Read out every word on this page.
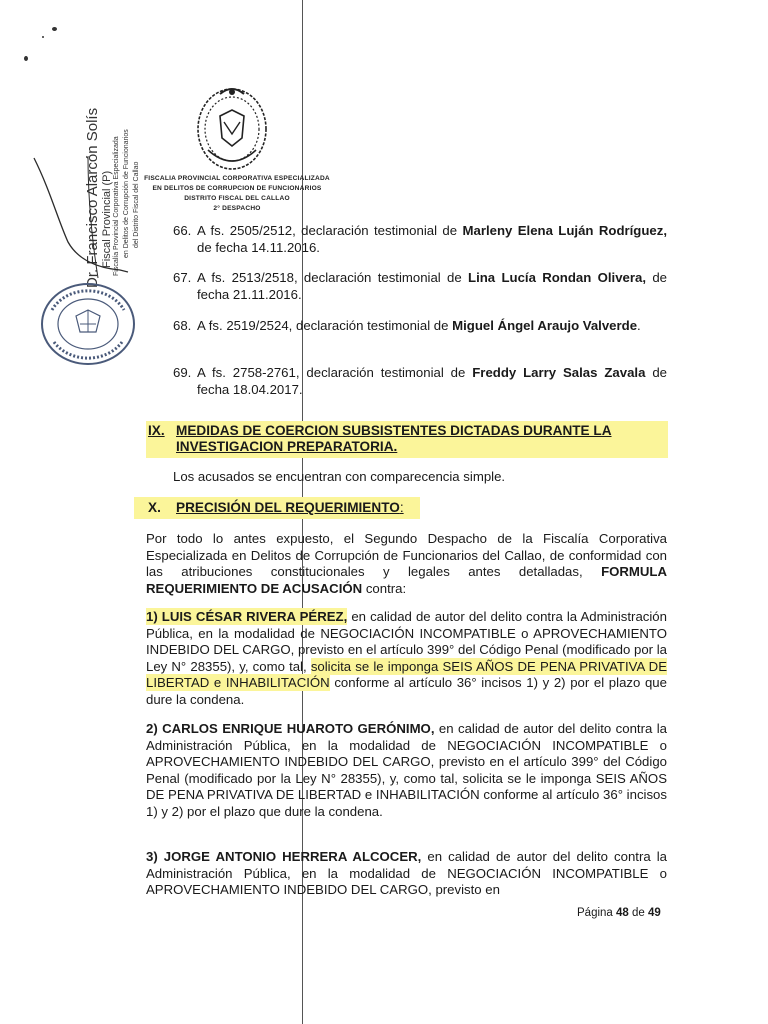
Dr. Francisco Alarcón Solís Fiscal Provincial (P) Fiscalía Provincial Corporativa Especializada en Delitos de Corrupción de Funcionarios del Distrito Fiscal del Callao FISCALIA PROVINCIAL CORPORATIVA ESPECIALIZADA
EN DELITOS DE CORRUPCION DE FUNCIONARIOS
DISTRITO FISCAL DEL CALLAO
2° DESPACHO
66. A fs. 2505/2512, declaración testimonial de Marleny Elena Luján Rodríguez, de fecha 14.11.2016.
67. A fs. 2513/2518, declaración testimonial de Lina Lucía Rondan Olivera, de fecha 21.11.2016.
68. A fs. 2519/2524, declaración testimonial de Miguel Ángel Araujo Valverde.
69. A fs. 2758-2761, declaración testimonial de Freddy Larry Salas Zavala de fecha 18.04.2017.
IX. MEDIDAS DE COERCION SUBSISTENTES DICTADAS DURANTE LA
INVESTIGACION PREPARATORIA.
Los acusados se encuentran con comparecencia simple.
X. PRECISIÓN DEL REQUERIMIENTO:
Por todo lo antes expuesto, el Segundo Despacho de la Fiscalía Corporativa Especializada en Delitos de Corrupción de Funcionarios del Callao, de conformidad con las atribuciones constitucionales y legales antes detalladas, FORMULA REQUERIMIENTO DE ACUSACIÓN contra:
1) LUIS CÉSAR RIVERA PÉREZ, en calidad de autor del delito contra la Administración Pública, en la modalidad de NEGOCIACIÓN INCOMPATIBLE o APROVECHAMIENTO INDEBIDO DEL CARGO, previsto en el artículo 399° del Código Penal (modificado por la Ley N° 28355), y, como tal, solicita se le imponga SEIS AÑOS DE PENA PRIVATIVA DE LIBERTAD e INHABILITACIÓN conforme al artículo 36° incisos 1) y 2) por el plazo que dure la condena.
2) CARLOS ENRIQUE HUAROTO GERÓNIMO, en calidad de autor del delito contra la Administración Pública, en la modalidad de NEGOCIACIÓN INCOMPATIBLE o APROVECHAMIENTO INDEBIDO DEL CARGO, previsto en el artículo 399° del Código Penal (modificado por la Ley N° 28355), y, como tal, solicita se le imponga SEIS AÑOS DE PENA PRIVATIVA DE LIBERTAD e INHABILITACIÓN conforme al artículo 36° incisos 1) y 2) por el plazo que dure la condena.
3) JORGE ANTONIO HERRERA ALCOCER, en calidad de autor del delito contra la Administración Pública, en la modalidad de NEGOCIACIÓN INCOMPATIBLE o APROVECHAMIENTO INDEBIDO DEL CARGO, previsto en
Página 48 de 49
